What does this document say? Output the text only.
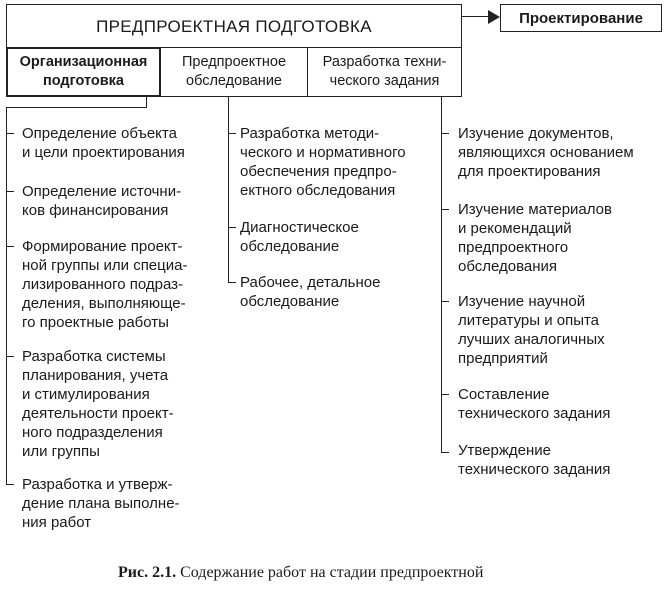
ПРЕДПРОЕКТНАЯ ПОДГОТОВКА	Проектирование
Организационная
подготовка
Предпроектное
обследование
Разработка техни-
ческого задания
Определение объекта
и цели проектирования
Определение источни-
ков финансирования
Формирование проект-
ной группы или специа-
лизированного подраз-
деления, выполняюще-
го проектные работы
Разработка системы
планирования, учета
и стимулирования
деятельности проект-
ного подразделения
или группы
Разработка и утверж-
дение плана выполне-
ния работ
Разработка методи-
ческого и нормативного
обеспечения предпро-
ектного обследования
Диагностическое
обследование
Рабочее, детальное
обследование
Изучение документов,
являющихся основанием
для проектирования
Изучение материалов
и рекомендаций
предпроектного
обследования
Изучение научной
литературы и опыта
лучших аналогичных
предприятий
Составление
технического задания
Утверждение
технического задания
Рис. 2.1. Содержание работ на стадии предпроектной
